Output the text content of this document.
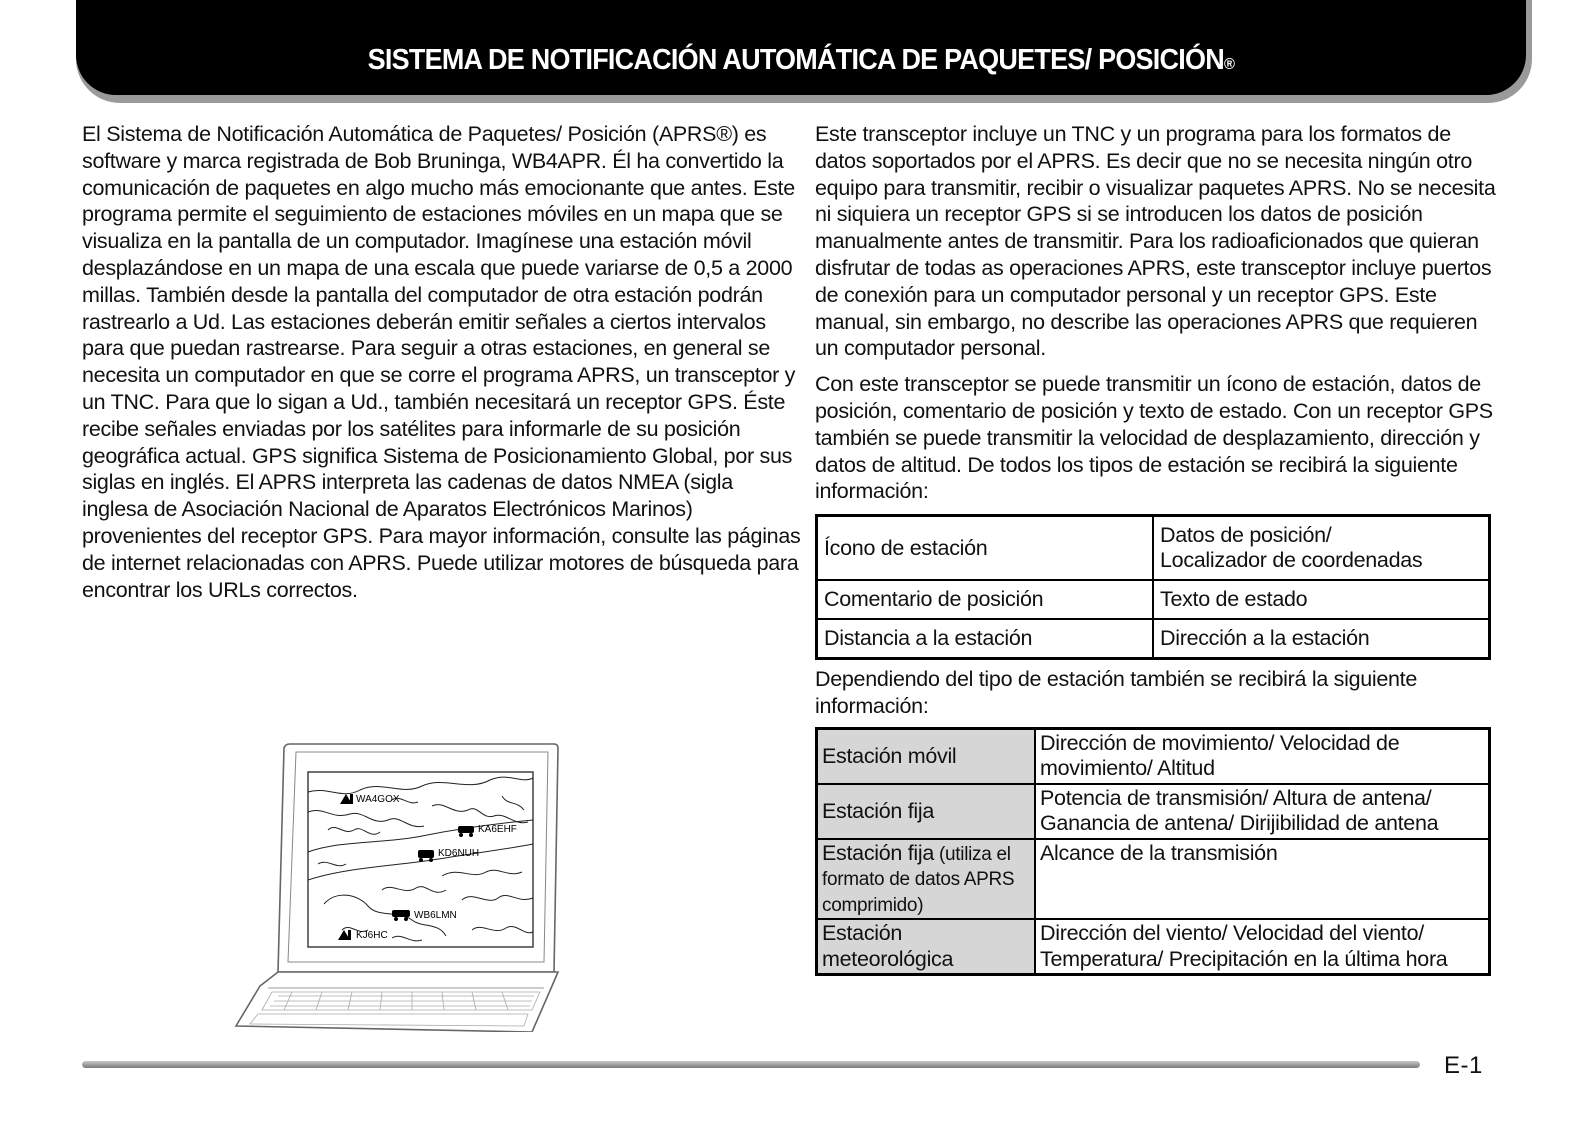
SISTEMA DE NOTIFICACIÓN AUTOMÁTICA DE PAQUETES/ POSICIÓN®

El Sistema de Notificación Automática de Paquetes/ Posición (APRS®) es software y marca registrada de Bob Bruninga, WB4APR. Él ha convertido la comunicación de paquetes en algo mucho más emocionante que antes. Este programa permite el seguimiento de estaciones móviles en un mapa que se visualiza en la pantalla de un computador. Imagínese una estación móvil desplazándose en un mapa de una escala que puede variarse de 0,5 a 2000 millas. También desde la pantalla del computador de otra estación podrán rastrearlo a Ud. Las estaciones deberán emitir señales a ciertos intervalos para que puedan rastrearse. Para seguir a otras estaciones, en general se necesita un computador en que se corre el programa APRS, un transceptor y un TNC. Para que lo sigan a Ud., también necesitará un receptor GPS. Éste recibe señales enviadas por los satélites para informarle de su posición geográfica actual. GPS significa Sistema de Posicionamiento Global, por sus siglas en inglés. El APRS interpreta las cadenas de datos NMEA (sigla inglesa de Asociación Nacional de Aparatos Electrónicos Marinos) provenientes del receptor GPS. Para mayor información, consulte las páginas de internet relacionadas con APRS. Puede utilizar motores de búsqueda para encontrar los URLs correctos.

WA4GOX
KA6EHF
KD6NUH
WB6LMN
KJ6HC

Este transceptor incluye un TNC y un programa para los formatos de datos soportados por el APRS. Es decir que no se necesita ningún otro equipo para transmitir, recibir o visualizar paquetes APRS. No se necesita ni siquiera un receptor GPS si se introducen los datos de posición manualmente antes de transmitir. Para los radioaficionados que quieran disfrutar de todas as operaciones APRS, este transceptor incluye puertos de conexión para un computador personal y un receptor GPS. Este manual, sin embargo, no describe las operaciones APRS que requieren un computador personal.

Con este transceptor se puede transmitir un ícono de estación, datos de posición, comentario de posición y texto de estado. Con un receptor GPS también se puede transmitir la velocidad de desplazamiento, dirección y datos de altitud. De todos los tipos de estación se recibirá la siguiente información:

Ícono de estación	Datos de posición/
Localizador de coordenadas
Comentario de posición	Texto de estado
Distancia a la estación	Dirección a la estación

Dependiendo del tipo de estación también se recibirá la siguiente información:

Estación móvil	Dirección de movimiento/ Velocidad de movimiento/ Altitud
Estación fija	Potencia de transmisión/ Altura de antena/ Ganancia de antena/ Dirijibilidad de antena
Estación fija (utiliza el formato de datos APRS comprimido)	Alcance de la transmisión
Estación meteorológica	Dirección del viento/ Velocidad del viento/ Temperatura/ Precipitación en la última hora
E-1
